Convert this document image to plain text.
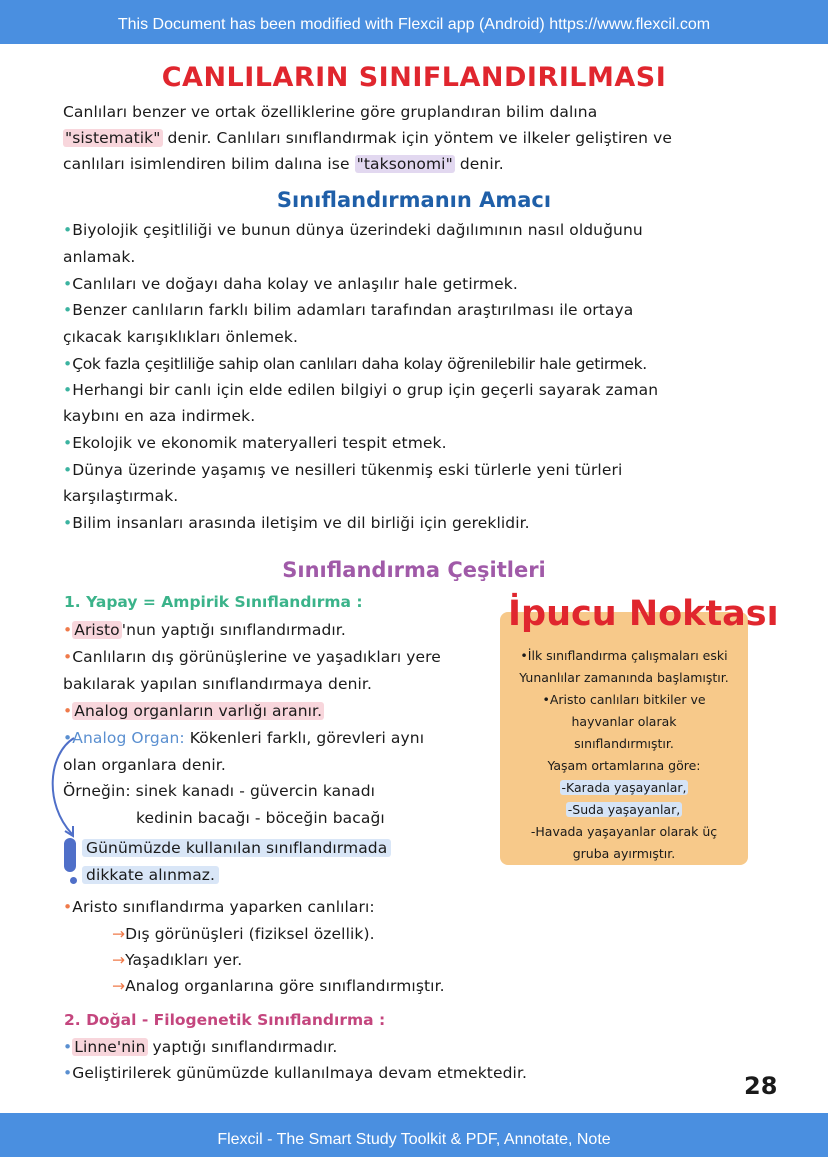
This Document has been modified with Flexcil app (Android) https://www.flexcil.com
CANLILARIN SINIFLANDIRILMASI
Canlıları benzer ve ortak özelliklerine göre gruplandıran bilim dalına
"sistematik" denir. Canlıları sınıflandırmak için yöntem ve ilkeler geliştiren ve
canlıları isimlendiren bilim dalına ise "taksonomi" denir.
Sınıflandırmanın Amacı
•Biyolojik çeşitliliği ve bunun dünya üzerindeki dağılımının nasıl olduğunu
anlamak.
•Canlıları ve doğayı daha kolay ve anlaşılır hale getirmek.
•Benzer canlıların farklı bilim adamları tarafından araştırılması ile ortaya
çıkacak karışıklıkları önlemek.
•Çok fazla çeşitliliğe sahip olan canlıları daha kolay öğrenilebilir hale getirmek.
•Herhangi bir canlı için elde edilen bilgiyi o grup için geçerli sayarak zaman
kaybını en aza indirmek.
•Ekolojik ve ekonomik materyalleri tespit etmek.
•Dünya üzerinde yaşamış ve nesilleri tükenmiş eski türlerle yeni türleri
karşılaştırmak.
•Bilim insanları arasında iletişim ve dil birliği için gereklidir.
Sınıflandırma Çeşitleri
1. Yapay = Ampirik Sınıflandırma :
• Aristo 'nun yaptığı sınıflandırmadır.
•Canlıların dış görünüşlerine ve yaşadıkları yere
bakılarak yapılan sınıflandırmaya denir.
• Analog organların varlığı aranır.
•Analog Organ: Kökenleri farklı, görevleri aynı
olan organlara denir.
Örneğin: sinek kanadı - güvercin kanadı
kedinin bacağı - böceğin bacağı
Günümüzde kullanılan sınıflandırmada
dikkate alınmaz.
•Aristo sınıflandırma yaparken canlıları:
→Dış görünüşleri (fiziksel özellik).
→Yaşadıkları yer.
→Analog organlarına göre sınıflandırmıştır.
2. Doğal - Filogenetik Sınıflandırma :
• Linne'nin yaptığı sınıflandırmadır.
•Geliştirilerek günümüzde kullanılmaya devam etmektedir.
İpucu Noktası
•İlk sınıflandırma çalışmaları eski
Yunanlılar zamanında başlamıştır.
•Aristo canlıları bitkiler ve
hayvanlar olarak
sınıflandırmıştır.
Yaşam ortamlarına göre:
-Karada yaşayanlar,
-Suda yaşayanlar,
-Havada yaşayanlar olarak üç
gruba ayırmıştır.
28
Flexcil - The Smart Study Toolkit & PDF, Annotate, Note
